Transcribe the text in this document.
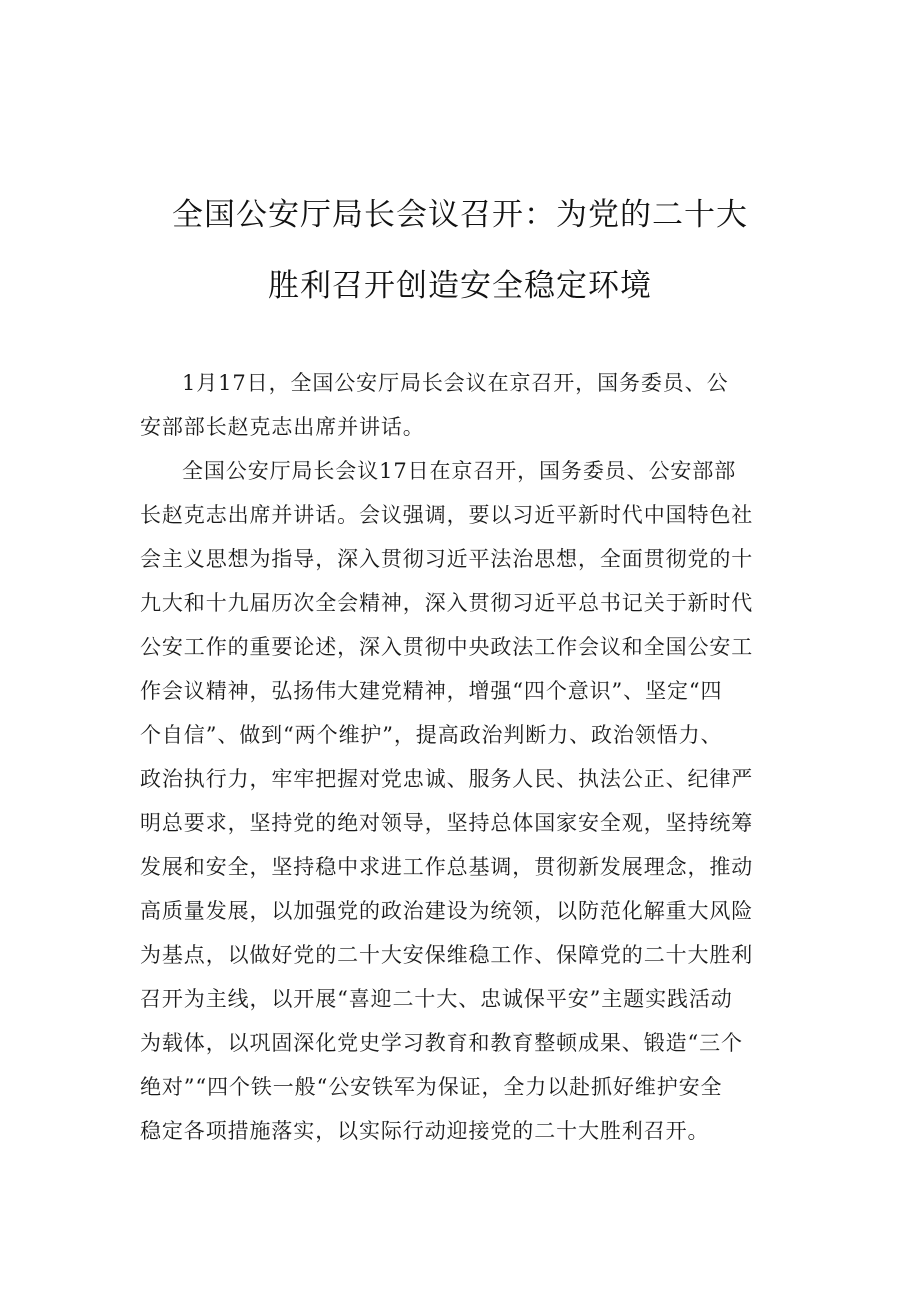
全国公安厅局长会议召开：为党的二十大
胜利召开创造安全稳定环境
1月17日，全国公安厅局长会议在京召开，国务委员、公
安部部长赵克志出席并讲话。
全国公安厅局长会议17日在京召开，国务委员、公安部部
长赵克志出席并讲话。会议强调，要以习近平新时代中国特色社
会主义思想为指导，深入贯彻习近平法治思想，全面贯彻党的十
九大和十九届历次全会精神，深入贯彻习近平总书记关于新时代
公安工作的重要论述，深入贯彻中央政法工作会议和全国公安工
作会议精神，弘扬伟大建党精神，增强“四个意识”、坚定“四
个自信”、做到“两个维护”，提高政治判断力、政治领悟力、
政治执行力，牢牢把握对党忠诚、服务人民、执法公正、纪律严
明总要求，坚持党的绝对领导，坚持总体国家安全观，坚持统筹
发展和安全，坚持稳中求进工作总基调，贯彻新发展理念，推动
高质量发展，以加强党的政治建设为统领，以防范化解重大风险
为基点，以做好党的二十大安保维稳工作、保障党的二十大胜利
召开为主线，以开展“喜迎二十大、忠诚保平安”主题实践活动
为载体，以巩固深化党史学习教育和教育整顿成果、锻造“三个
绝对”“四个铁一般“公安铁军为保证，全力以赴抓好维护安全
稳定各项措施落实，以实际行动迎接党的二十大胜利召开。
